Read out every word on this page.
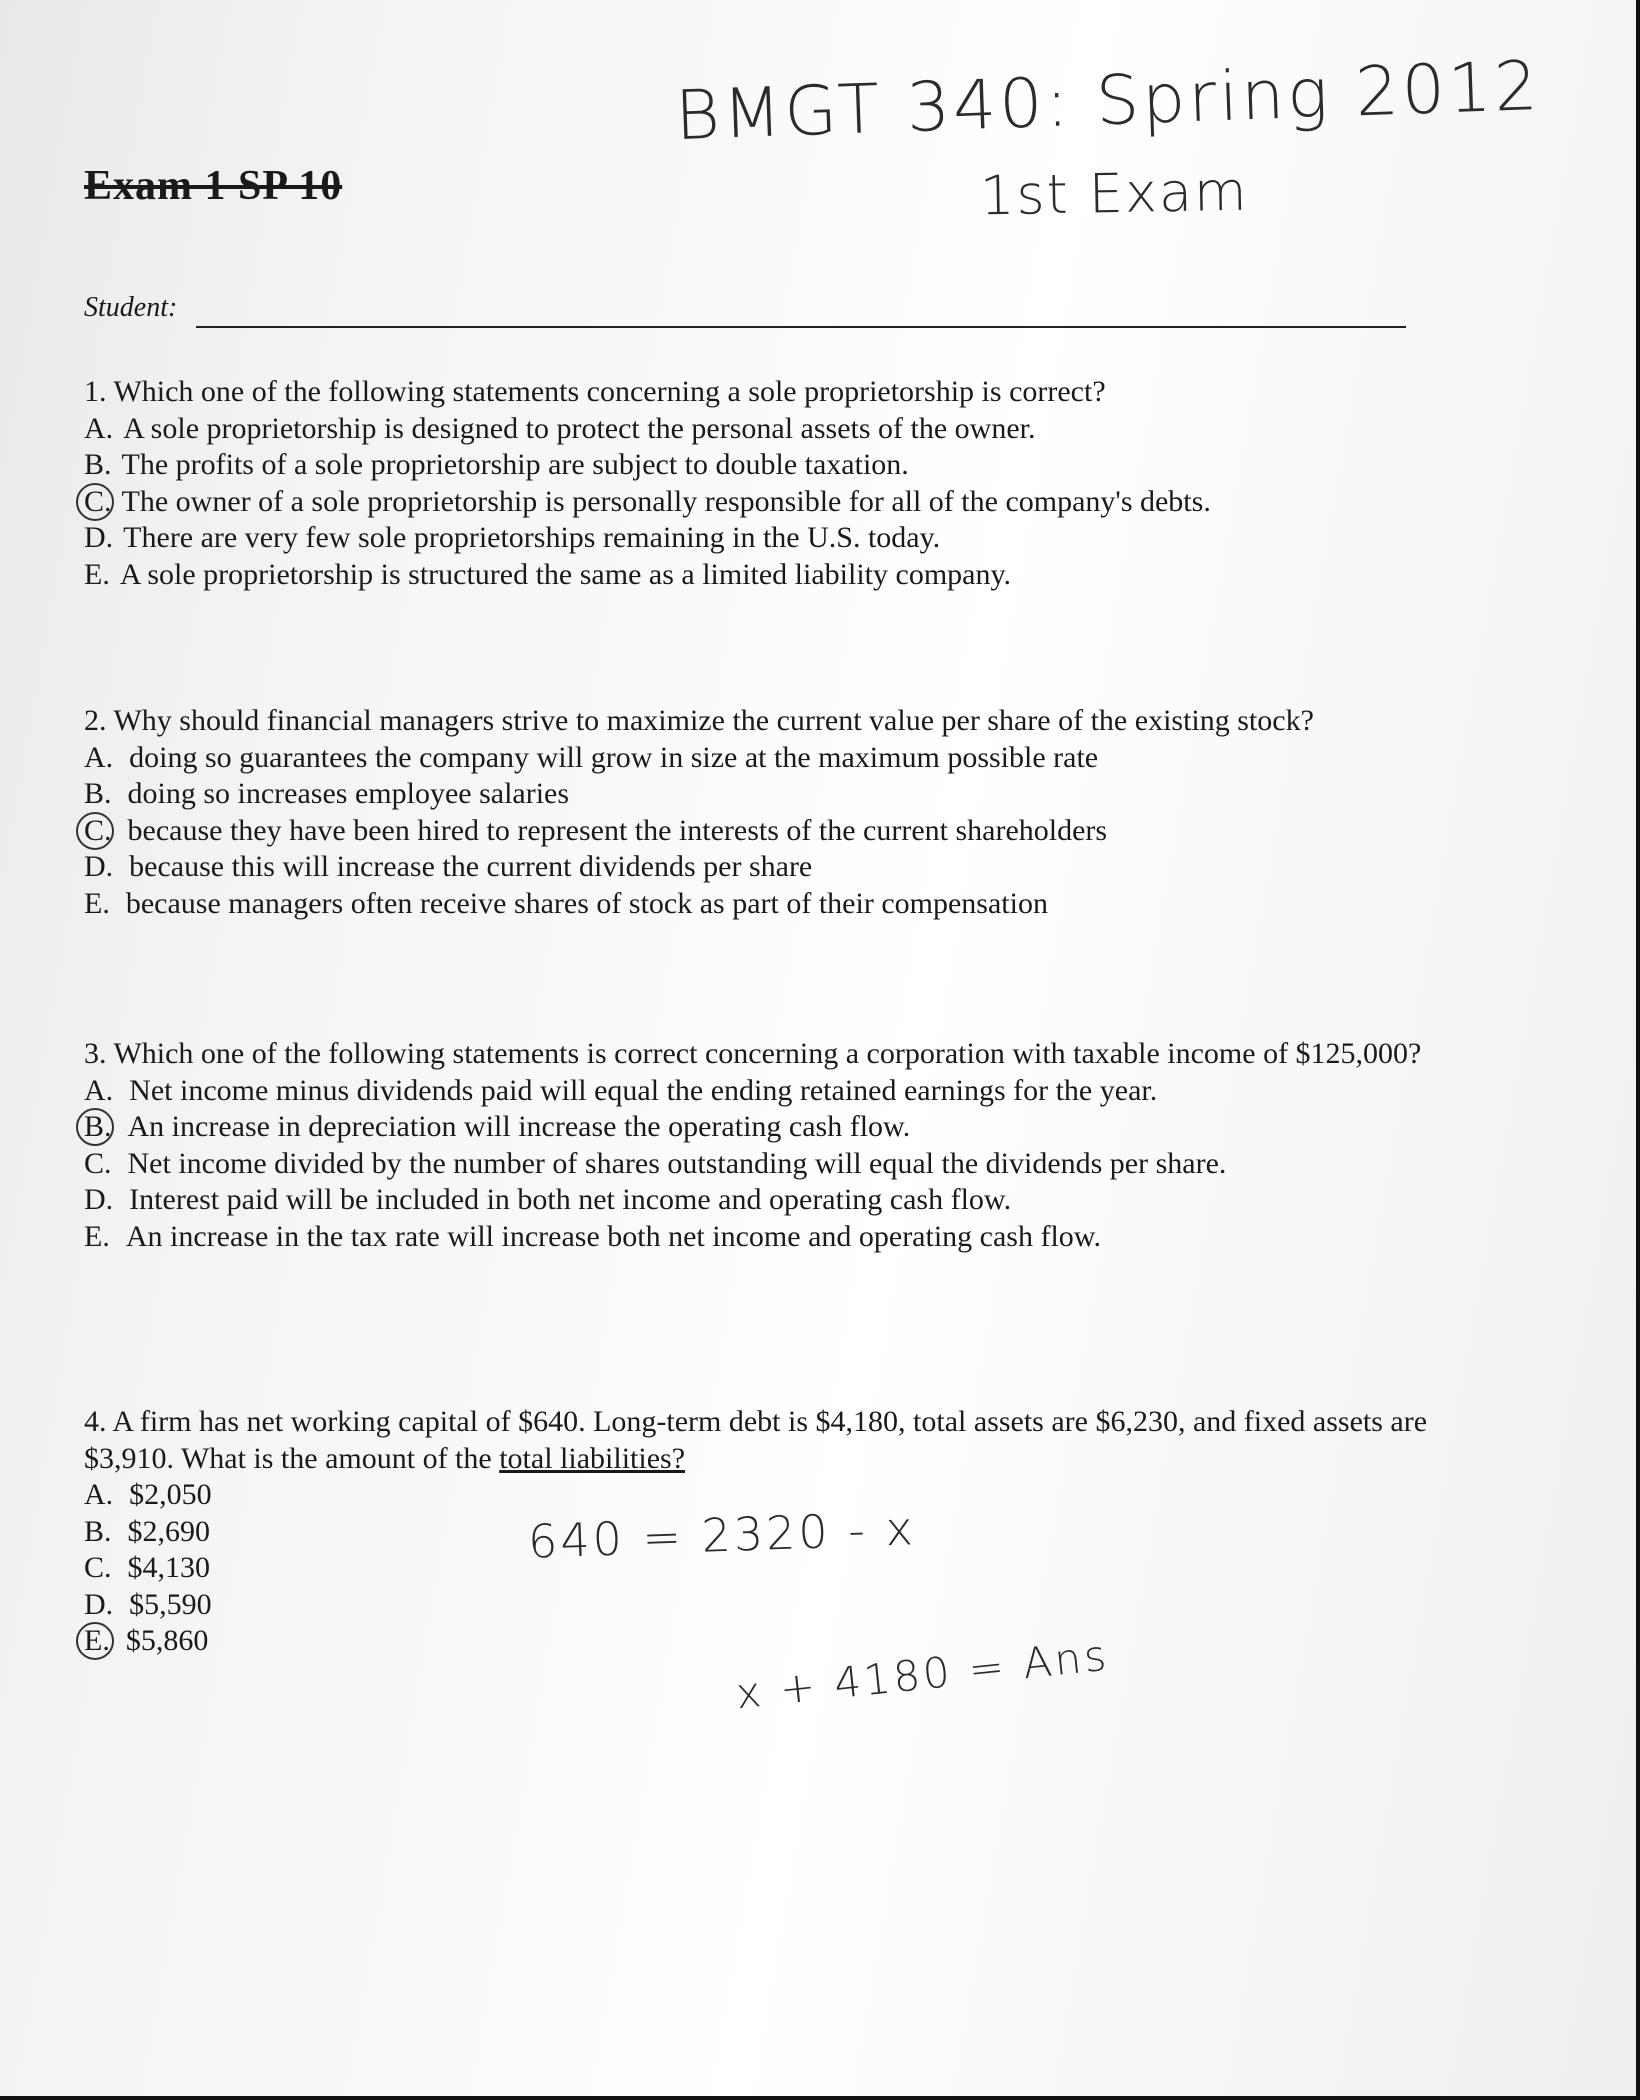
BMGT 340: Spring 2012
1st Exam
Exam 1 SP 10
Student:

1. Which one of the following statements concerning a sole proprietorship is correct?

A. A sole proprietorship is designed to protect the personal assets of the owner.
B. The profits of a sole proprietorship are subject to double taxation.
C. The owner of a sole proprietorship is personally responsible for all of the company's debts.
D. There are very few sole proprietorships remaining in the U.S. today.
E. A sole proprietorship is structured the same as a limited liability company.

2. Why should financial managers strive to maximize the current value per share of the existing stock?

A. doing so guarantees the company will grow in size at the maximum possible rate
B. doing so increases employee salaries
C. because they have been hired to represent the interests of the current shareholders
D. because this will increase the current dividends per share
E. because managers often receive shares of stock as part of their compensation

3. Which one of the following statements is correct concerning a corporation with taxable income of $125,000?

A. Net income minus dividends paid will equal the ending retained earnings for the year.
B. An increase in depreciation will increase the operating cash flow.
C. Net income divided by the number of shares outstanding will equal the dividends per share.
D. Interest paid will be included in both net income and operating cash flow.
E. An increase in the tax rate will increase both net income and operating cash flow.

4. A firm has net working capital of $640. Long-term debt is $4,180, total assets are $6,230, and fixed assets are $3,910. What is the amount of the total liabilities?

A. $2,050
B. $2,690
C. $4,130
D. $5,590
E. $5,860
640 = 2320 - x
x + 4180 = Ans
